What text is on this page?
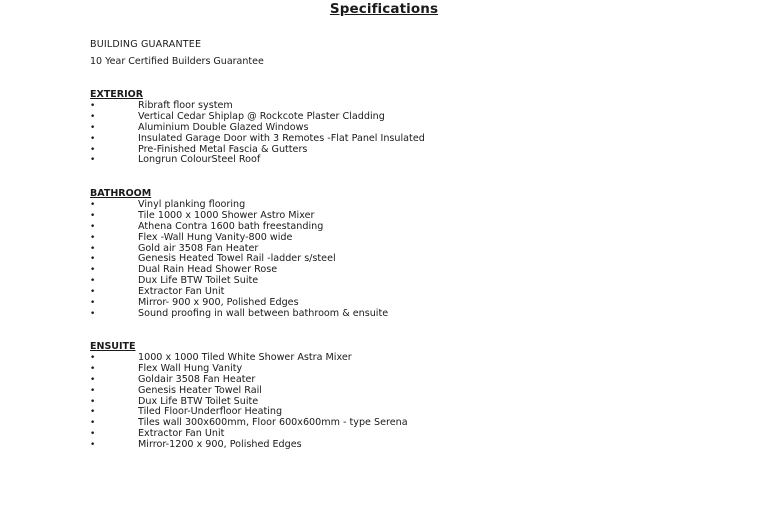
Specifications
BUILDING GUARANTEE
10 Year Certified Builders Guarantee
EXTERIOR
•	Ribraft floor system
•	Vertical Cedar Shiplap @ Rockcote Plaster Cladding
•	Aluminium Double Glazed Windows
•	Insulated Garage Door with 3 Remotes -Flat Panel Insulated
•	Pre-Finished Metal Fascia & Gutters
•	Longrun ColourSteel Roof
BATHROOM
•	Vinyl planking flooring
•	Tile 1000 x 1000 Shower Astro Mixer
•	Athena Contra 1600 bath freestanding
•	Flex -Wall Hung Vanity-800 wide
•	Gold air 3508 Fan Heater
•	Genesis Heated Towel Rail -ladder s/steel
•	Dual Rain Head Shower Rose
•	Dux Life BTW Toilet Suite
•	Extractor Fan Unit
•	Mirror- 900 x 900, Polished Edges
•	Sound proofing in wall between bathroom & ensuite
ENSUITE
•	1000 x 1000 Tiled White Shower Astra Mixer
•	Flex Wall Hung Vanity
•	Goldair 3508 Fan Heater
•	Genesis Heater Towel Rail
•	Dux Life BTW Toilet Suite
•	Tiled Floor-Underfloor Heating
•	Tiles wall 300x600mm, Floor 600x600mm - type Serena
•	Extractor Fan Unit
•	Mirror-1200 x 900, Polished Edges
